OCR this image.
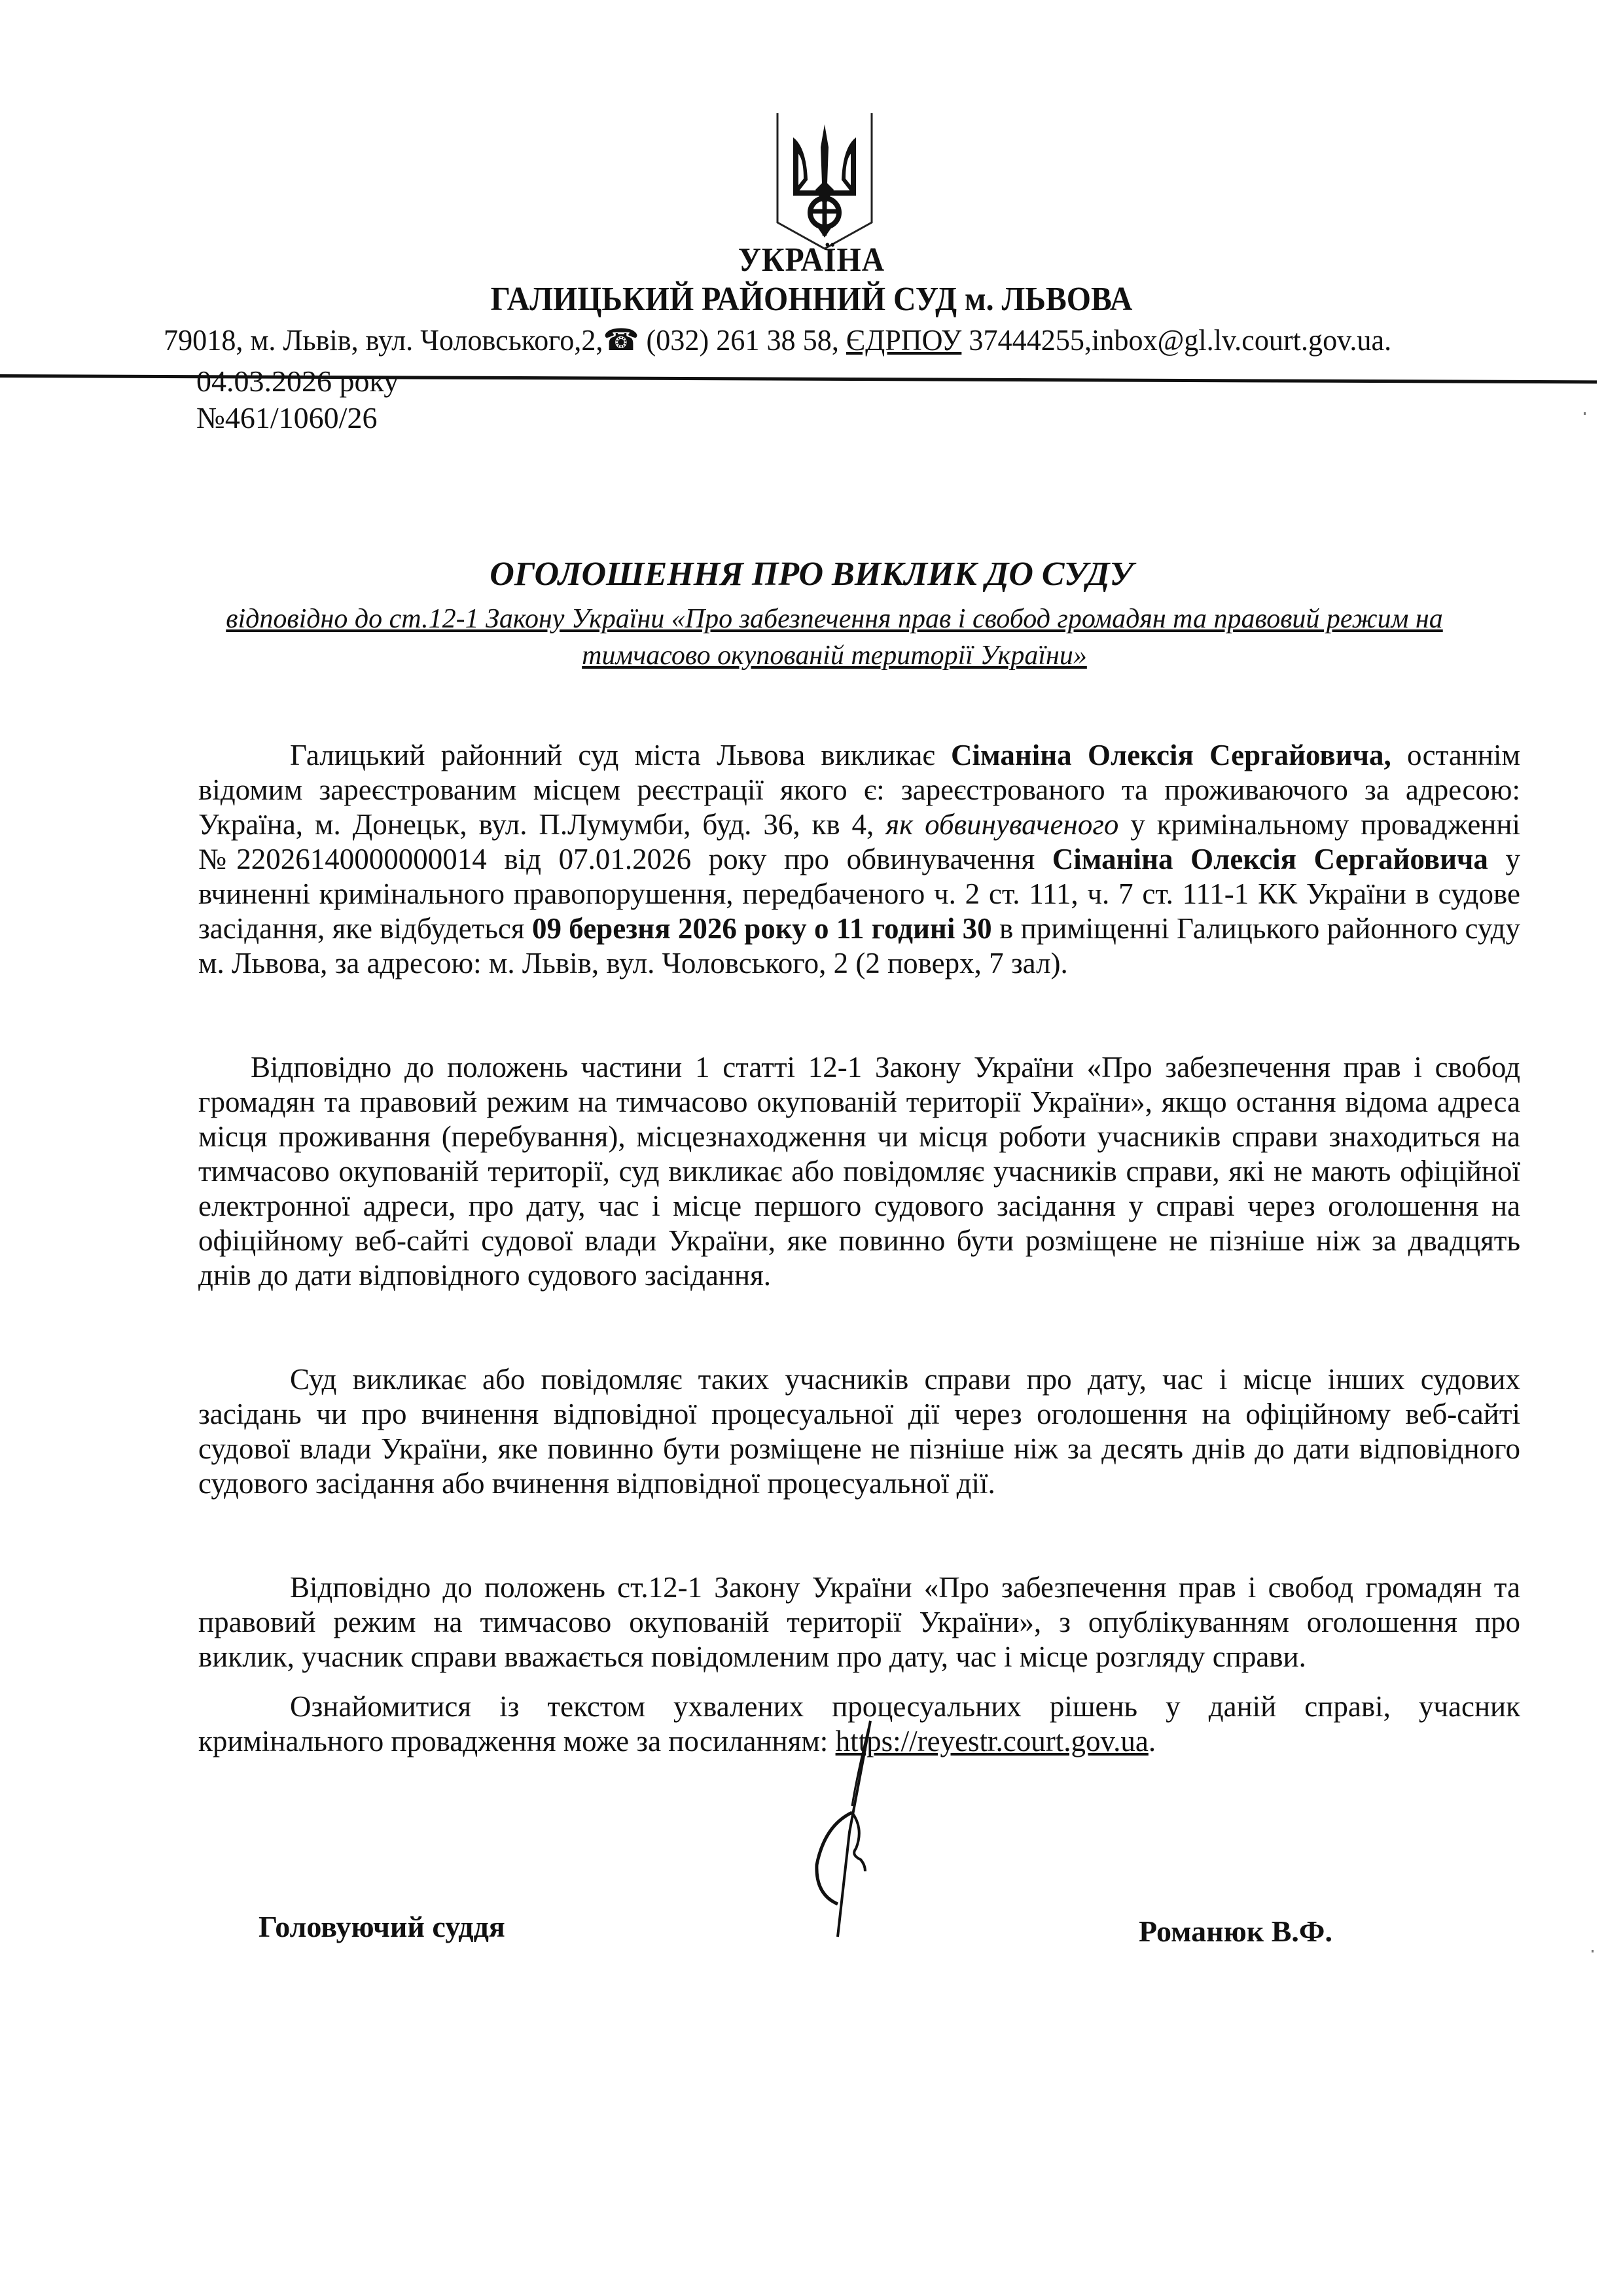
УКРАЇНА
ГАЛИЦЬКИЙ РАЙОННИЙ СУД м. ЛЬВОВА
79018, м. Львів, вул. Чоловського,2,☎ (032) 261 38 58, ЄДРПОУ 37444255,inbox@gl.lv.court.gov.ua.
04.03.2026 року
№461/1060/26
ОГОЛОШЕННЯ ПРО ВИКЛИК ДО СУДУ
відповідно до ст.12-1 Закону України «Про забезпечення прав і свобод громадян та правовий режим на тимчасово окупованій території України»

Галицький районний суд міста Львова викликає Сіманіна Олексія Сергайовича, останнім відомим зареєстрованим місцем реєстрації якого є: зареєстрованого та проживаючого за адресою: Україна, м. Донецьк, вул. П.Лумумби, буд. 36, кв 4, як обвинуваченого у кримінальному провадженні №22026140000000014 від 07.01.2026 року про обвинувачення Сіманіна Олексія Сергайовича у вчиненні кримінального правопорушення, передбаченого ч. 2 ст. 111, ч. 7 ст. 111-1 КК України в судове засідання, яке відбудеться 09 березня 2026 року о 11 годині 30 в приміщенні Галицького районного суду м. Львова, за адресою: м. Львів, вул. Чоловського, 2 (2 поверх, 7 зал).

Відповідно до положень частини 1 статті 12-1 Закону України «Про забезпечення прав і свобод громадян та правовий режим на тимчасово окупованій території України», якщо остання відома адреса місця проживання (перебування), місцезнаходження чи місця роботи учасників справи знаходиться на тимчасово окупованій території, суд викликає або повідомляє учасників справи, які не мають офіційної електронної адреси, про дату, час і місце першого судового засідання у справі через оголошення на офіційному веб-сайті судової влади України, яке повинно бути розміщене не пізніше ніж за двадцять днів до дати відповідного судового засідання.

Суд викликає або повідомляє таких учасників справи про дату, час і місце інших судових засідань чи про вчинення відповідної процесуальної дії через оголошення на офіційному веб-сайті судової влади України, яке повинно бути розміщене не пізніше ніж за десять днів до дати відповідного судового засідання або вчинення відповідної процесуальної дії.

Відповідно до положень ст.12-1 Закону України «Про забезпечення прав і свобод громадян та правовий режим на тимчасово окупованій території України», з опублікуванням оголошення про виклик, учасник справи вважається повідомленим про дату, час і місце розгляду справи.

Ознайомитися із текстом ухвалених процесуальних рішень у даній справі, учасник кримінального провадження може за посиланням: https://reyestr.court.gov.ua.

Головуючий суддя	Романюк В.Ф.
